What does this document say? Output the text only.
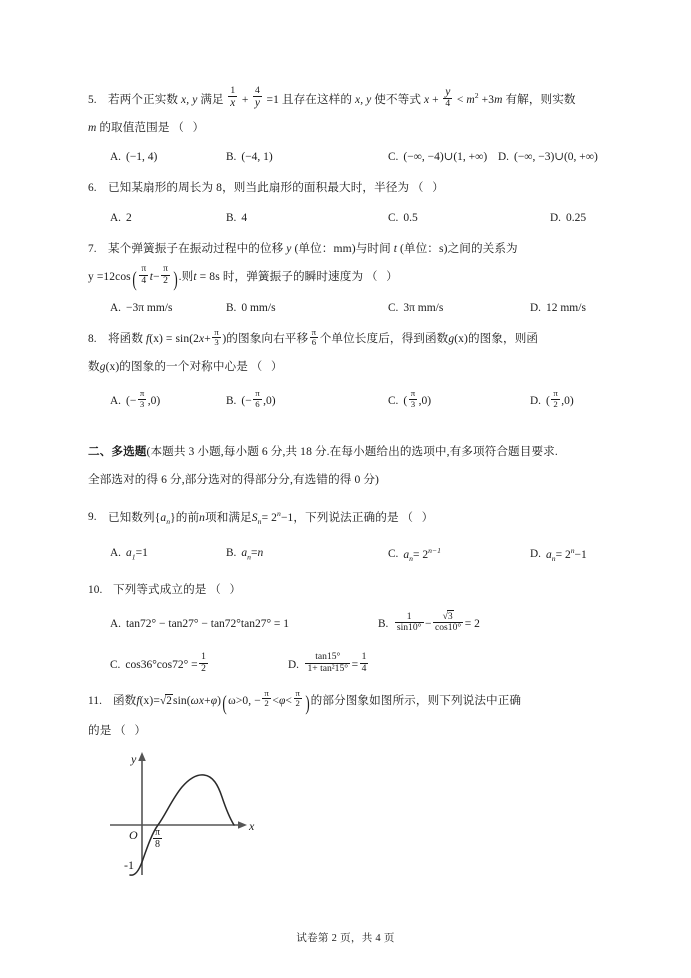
5. 若两个正实数 x, y 满足 $\frac{1}{x} + \frac{4}{y} =1$ 且存在这样的 x, y 使不等式 $x + \frac{y}{4} < m^2 +3m$ 有解，则实数
m 的取值范围是 （ ）
A. (−1, 4)	B. (−4, 1)	C. (−∞, −4)∪(1, +∞) D. (−∞, −3)∪(0, +∞)
6. 已知某扇形的周长为 8，则当此扇形的面积最大时，半径为 （ ）
A. 2	B. 4	C. 0.5	D. 0.25
7. 某个弹簧振子在振动过程中的位移 y (单位：mm)与时间 t (单位：s)之间的关系为
$y =12\cos( \frac{\pi}{4} t- \frac{\pi}{2}$ ).则t = 8s 时，弹簧振子的瞬时速度为 （ ）
A. −3π mm/s	B. 0 mm/s	C. 3π mm/s	D. 12 mm/s
8. 将函数 $f(x) = \sin(2x+ \frac{\pi}{3}$ )的图象向右平移 $\frac{\pi}{6}$ 个单位长度后，得到函数g(x)的图象，则函
数g(x)的图象的一个对称中心是 （ ）
A. (− $\frac{\pi}{3} ,0$)	B. (− $\frac{\pi}{6} ,0$)	C. ( $\frac{\pi}{3} ,0$)	D. ( $\frac{\pi}{2} ,0$)
二、多选题(本题共 3 小题,每小题 6 分,共 18 分.在每小题给出的选项中,有多项符合题目要求.
全部选对的得 6 分,部分选对的得部分分,有选错的得 0 分)
9. 已知数列$\{a_n\}$的前n项和满足$S_n= 2^n-1$，下列说法正确的是 （ ）
A. $a_1=1$	B. $a_n=n$	C. $a_n= 2^{n-1}$	D. $a_n= 2^n-1$
10. 下列等式成立的是 （ ）
A. tan72° − tan27° − tan72°tan27° = 1	B. $\frac{1}{\sin 10^\circ} - \frac{√3}{\cos 10^\circ} = 2$
C. $\cos 36^\circ\cos 72^\circ = \frac{1}{2}$	D. $\frac{\tan 15^\circ}{\text{1+ tan²15°}} = \frac{1}{4}$
11. 函数f(x)=√2sin(ωx+φ)(ω>0, − $\frac{\pi}{2} <\varphi< \frac{\pi}{2}$ )的部分图象如图所示，则下列说法中正确
的是 （ ）
y
x
O $\frac{\pi}{8}$
-1
试卷第 2 页，共 4 页
